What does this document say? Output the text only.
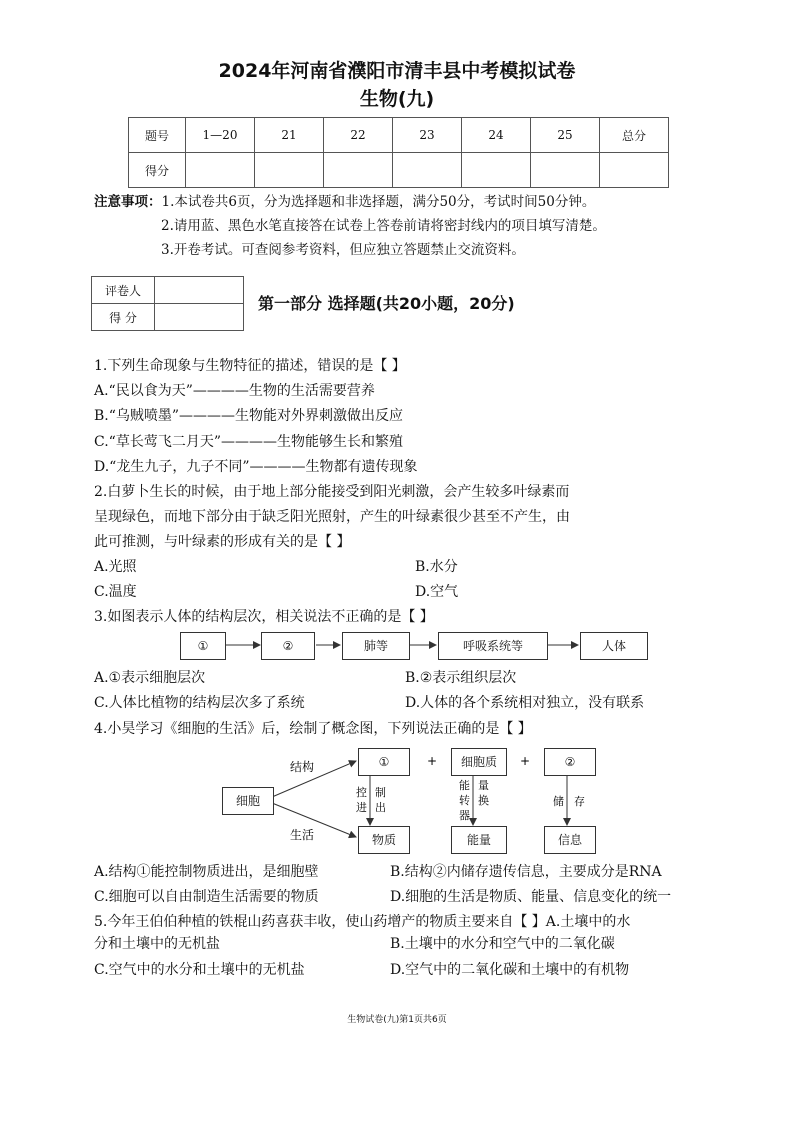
2024年河南省濮阳市清丰县中考模拟试卷
生物(九)
题号	1—20	21	22	23	24	25	总分
得分							
注意事项：1.本试卷共6页，分为选择题和非选择题，满分50分，考试时间50分钟。
2.请用蓝、黑色水笔直接答在试卷上答卷前请将密封线内的项目填写清楚。
3.开卷考试。可查阅参考资料，但应独立答题禁止交流资料。
评卷人	
得 分	
第一部分 选择题(共20小题，20分)
1.下列生命现象与生物特征的描述，错误的是【 】
A.“民以食为天”————生物的生活需要营养
B.“乌贼喷墨”————生物能对外界刺激做出反应
C.“草长莺飞二月天”————生物能够生长和繁殖
D.“龙生九子，九子不同”————生物都有遗传现象
2.白萝卜生长的时候，由于地上部分能接受到阳光刺激，会产生较多叶绿素而
呈现绿色，而地下部分由于缺乏阳光照射，产生的叶绿素很少甚至不产生，由
此可推测，与叶绿素的形成有关的是【 】
A.光照	B.水分
C.温度	D.空气
3.如图表示人体的结构层次，相关说法不正确的是【 】
①	②	肺等	呼吸系统等	人体
A.①表示细胞层次	B.②表示组织层次
C.人体比植物的结构层次多了系统	D.人体的各个系统相对独立，没有联系
4.小昊学习《细胞的生活》后，绘制了概念图，下列说法正确的是【 】
结构
生活
+	+
控
进
制
出
能
转
器
量
换	储 存
细胞
①	细胞质	②
物质	能量	信息
A.结构①能控制物质进出，是细胞壁	B.结构②内储存遗传信息，主要成分是RNA
C.细胞可以自由制造生活需要的物质	D.细胞的生活是物质、能量、信息变化的统一
5.今年王伯伯种植的铁棍山药喜获丰收，使山药增产的物质主要来自【 】A.土壤中的水
分和土壤中的无机盐	B.土壤中的水分和空气中的二氧化碳
C.空气中的水分和土壤中的无机盐	D.空气中的二氧化碳和土壤中的有机物
生物试卷(九)第1页共6页
